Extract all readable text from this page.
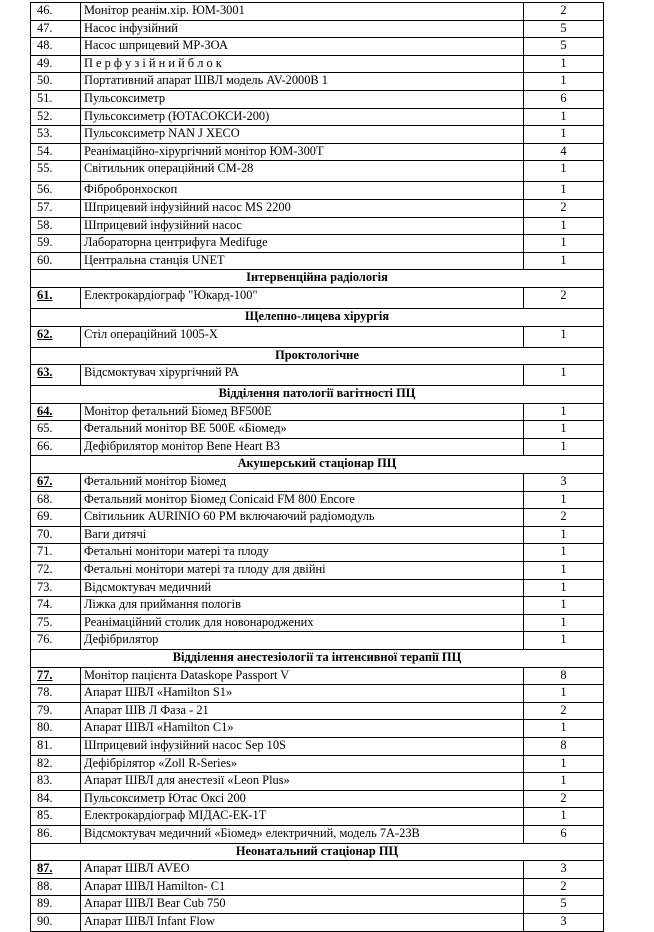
46.	Монітор реанім.хір. ЮМ-3001	2
47.	Насос інфузійний	5
48.	Насос шприцевий МР-ЗОА	5
49.	П е р ф у з і й н и й б л о к	1
50.	Портативний апарат ШВЛ модель AV-2000B 1	1
51.	Пульсоксиметр	6
52.	Пульсоксиметр (ЮТАСОКСИ-200)	1
53.	Пульсоксиметр NAN J XECO	1
54.	Реанімаційно-хірургічний монітор ЮМ-300Т	4
55.	Світильник операційний СМ-28	1
56.	Фібробронхоскоп	1
57.	Шприцевий інфузійний насос MS 2200	2
58.	Шприцевий інфузійний насос	1
59.	Лабораторна центрифуга Medifuge	1
60.	Центральна станція UNET	1
Інтервенційна радіологія		
61.	Електрокардіограф "Юкард-100"	2
Щелепно-лицева хірургія		
62.	Стіл операційний 1005-Х	1
Проктологічне		
63.	Відсмоктувач хірургічний РА	1
Відділення патології вагітності ПЦ		
64.	Монітор фетальний Біомед BF500E	1
65.	Фетальний монітор ВЕ 500Е «Біомед»	1
66.	Дефібрилятор монітор Bene Heart B3	1
Акушерський стаціонар ПЦ		
67.	Фетальний монітор Біомед	3
68.	Фетальний монітор Біомед Conicaid FM 800 Encore	1
69.	Світильник AURINIO 60 PM включаючий радіомодуль	2
70.	Ваги дитячі	1
71.	Фетальні монітори матері та плоду	1
72.	Фетальні монітори матері та плоду для двійні	1
73.	Відсмоктувач медичний	1
74.	Ліжка для приймання пологів	1
75.	Реанімаційний столик для новонароджених	1
76.	Дефібрилятор	1
Відділення анестезіології та інтенсивної терапії ПЦ		
77.	Монітор пацієнта Dataskope Passport V	8
78.	Апарат ШВЛ «Hamilton S1»	1
79.	Апарат ШВ Л Фаза - 21	2
80.	Апарат ШВЛ «Hamilton C1»	1
81.	Шприцевий інфузійний насос Sep 10S	8
82.	Дефібрілятор «Zoll R-Series»	1
83.	Апарат ШВЛ для анестезії «Leon Plus»	1
84.	Пульсоксиметр Ютас Оксі 200	2
85.	Електрокардіограф МІДАС-ЕК-1Т	1
86.	Відсмоктувач медичний «Біомед» електричний, модель 7А-23В	6
Неонатальний стаціонар ПЦ		
87.	Апарат ШВЛ AVEO	3
88.	Апарат ШВЛ Hamilton- C1	2
89.	Апарат ШВЛ Bear Cub 750	5
90.	Апарат ШВЛ Infant Flow	3
